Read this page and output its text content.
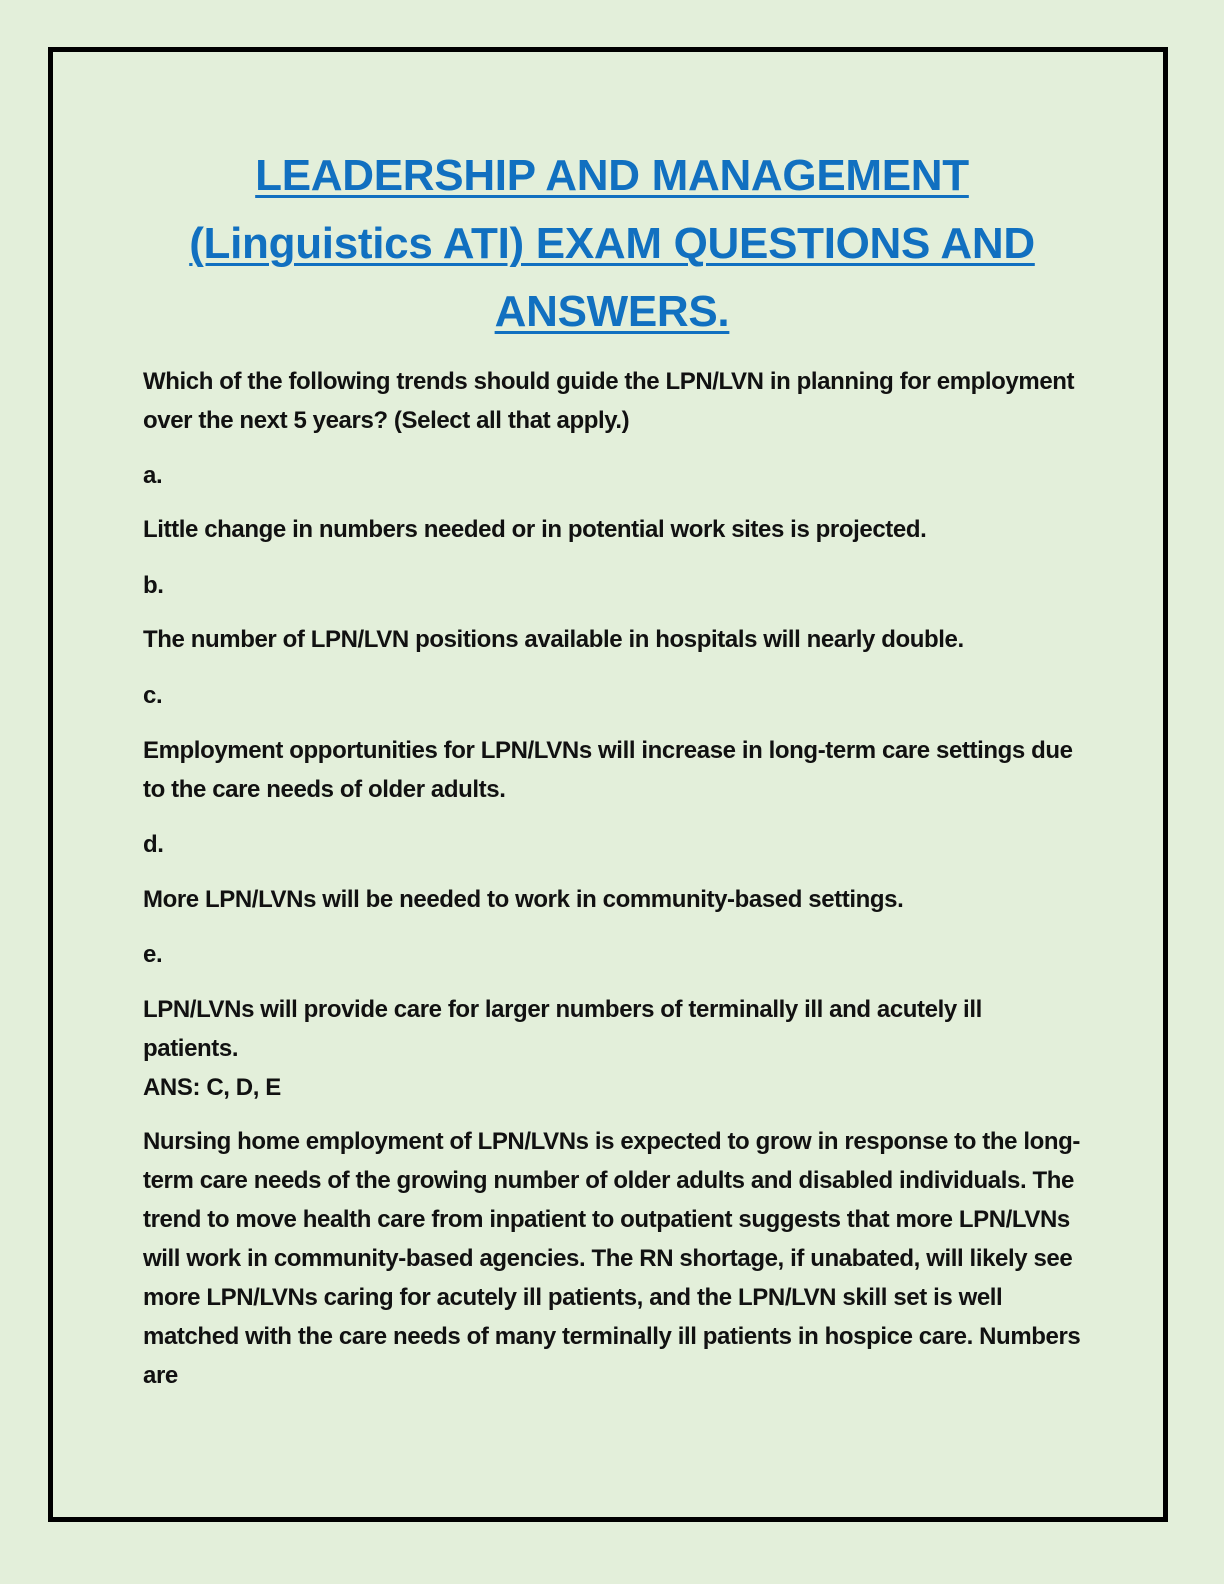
LEADERSHIP AND MANAGEMENT
(Linguistics ATI) EXAM QUESTIONS AND
ANSWERS.

Which of the following trends should guide the LPN/LVN in planning for employment over the next 5 years? (Select all that apply.)

a.

Little change in numbers needed or in potential work sites is projected.

b.

The number of LPN/LVN positions available in hospitals will nearly double.

c.

Employment opportunities for LPN/LVNs will increase in long-term care settings due to the care needs of older adults.

d.

More LPN/LVNs will be needed to work in community-based settings.

e.

LPN/LVNs will provide care for larger numbers of terminally ill and acutely ill patients.

ANS: C, D, E

Nursing home employment of LPN/LVNs is expected to grow in response to the long-term care needs of the growing number of older adults and disabled individuals. The trend to move health care from inpatient to outpatient suggests that more LPN/LVNs will work in community-based agencies. The RN shortage, if unabated, will likely see more LPN/LVNs caring for acutely ill patients, and the LPN/LVN skill set is well matched with the care needs of many terminally ill patients in hospice care. Numbers are
